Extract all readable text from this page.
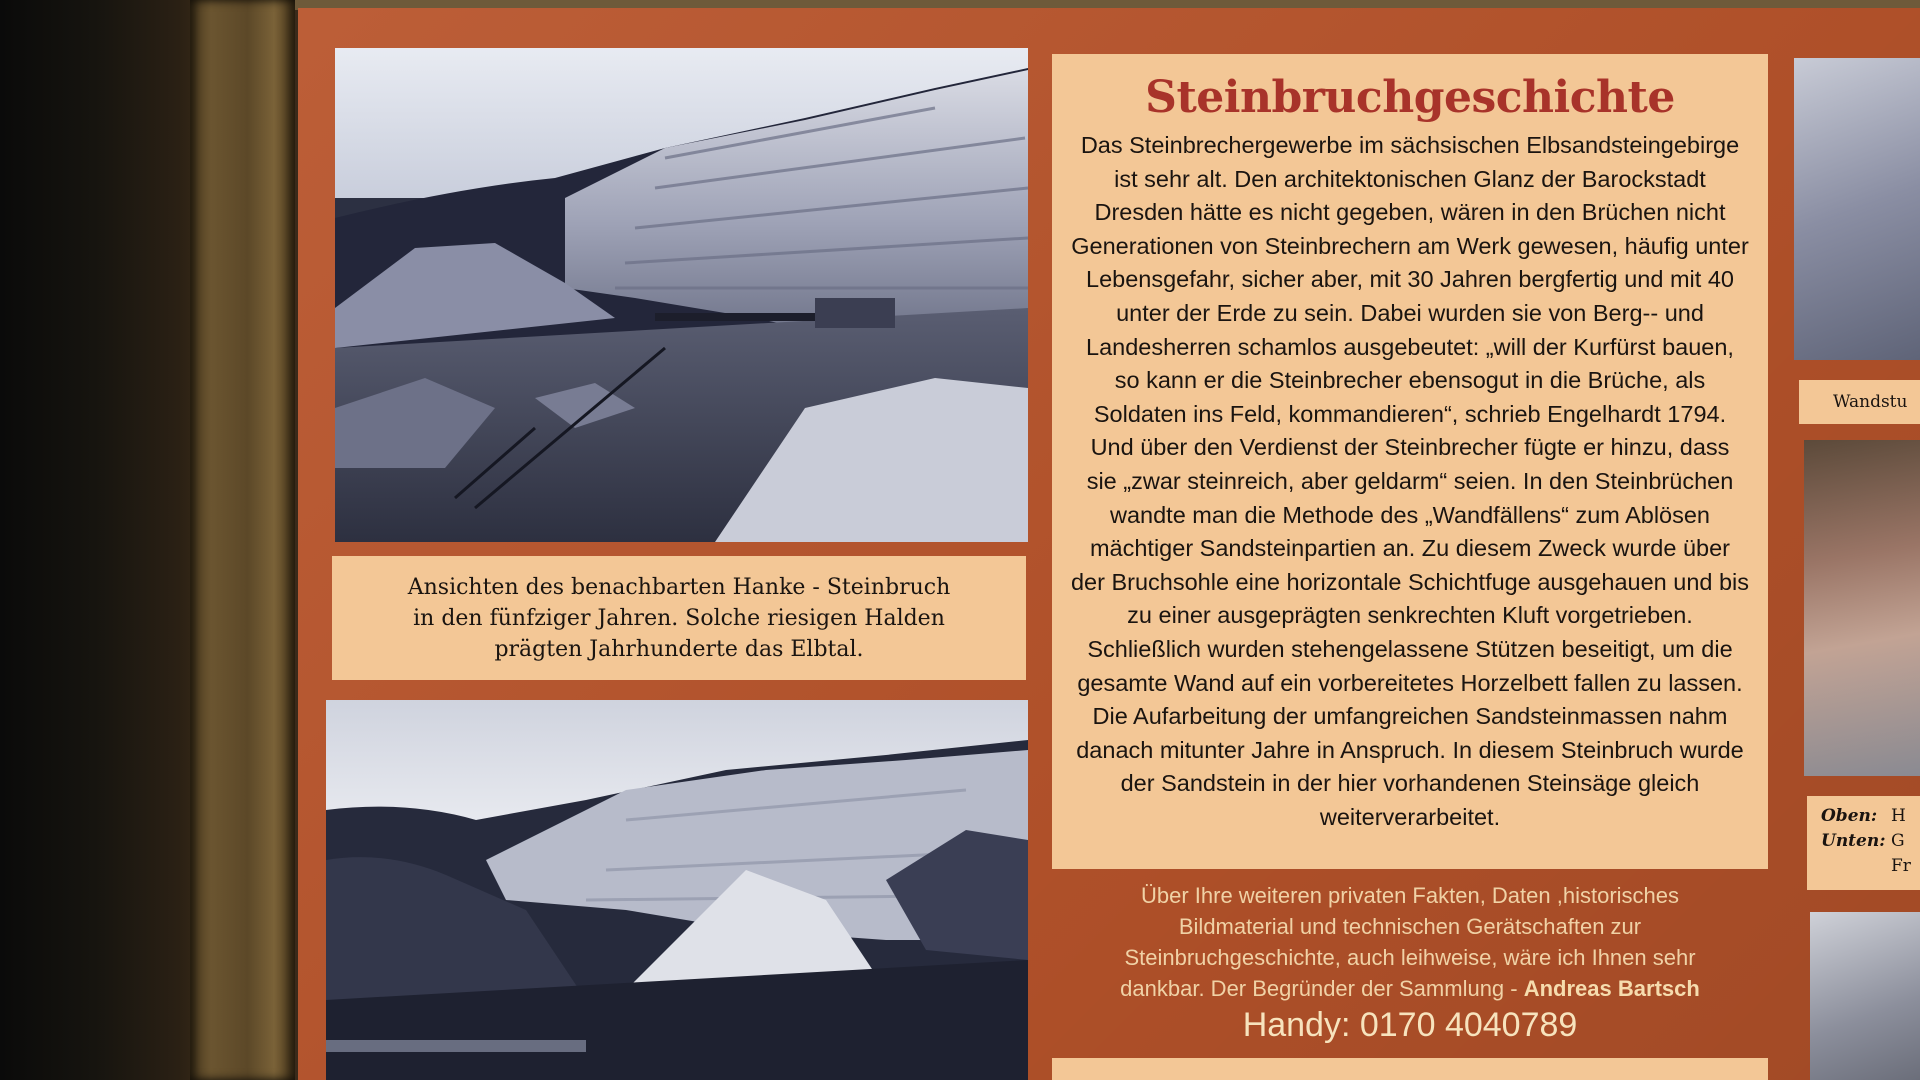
Ansichten des benachbarten Hanke - Steinbruch
in den fünfziger Jahren. Solche riesigen Halden
prägten Jahrhunderte das Elbtal.
Steinbruchgeschichte
Das Steinbrechergewerbe im sächsischen Elbsandsteingebirge
ist sehr alt. Den architektonischen Glanz der Barockstadt
Dresden hätte es nicht gegeben, wären in den Brüchen nicht
Generationen von Steinbrechern am Werk gewesen, häufig unter
Lebensgefahr, sicher aber, mit 30 Jahren bergfertig und mit 40
unter der Erde zu sein. Dabei wurden sie von Berg-- und
Landesherren schamlos ausgebeutet: „will der Kurfürst bauen,
so kann er die Steinbrecher ebensogut in die Brüche, als
Soldaten ins Feld, kommandieren“, schrieb Engelhardt 1794.
Und über den Verdienst der Steinbrecher fügte er hinzu, dass
sie „zwar steinreich, aber geldarm“ seien. In den Steinbrüchen
wandte man die Methode des „Wandfällens“ zum Ablösen
mächtiger Sandsteinpartien an. Zu diesem Zweck wurde über
der Bruchsohle eine horizontale Schichtfuge ausgehauen und bis
zu einer ausgeprägten senkrechten Kluft vorgetrieben.
Schließlich wurden stehengelassene Stützen beseitigt, um die
gesamte Wand auf ein vorbereitetes Horzelbett fallen zu lassen.
Die Aufarbeitung der umfangreichen Sandsteinmassen nahm
danach mitunter Jahre in Anspruch. In diesem Steinbruch wurde
der Sandstein in der hier vorhandenen Steinsäge gleich
weiterverarbeitet.
Über Ihre weiteren privaten Fakten, Daten ,historisches
Bildmaterial und technischen Gerätschaften zur
Steinbruchgeschichte, auch leihweise, wäre ich Ihnen sehr
dankbar. Der Begründer der Sammlung - Andreas Bartsch
Handy: 0170 4040789
Wandstu
Oben: H
Unten: G
Fr
